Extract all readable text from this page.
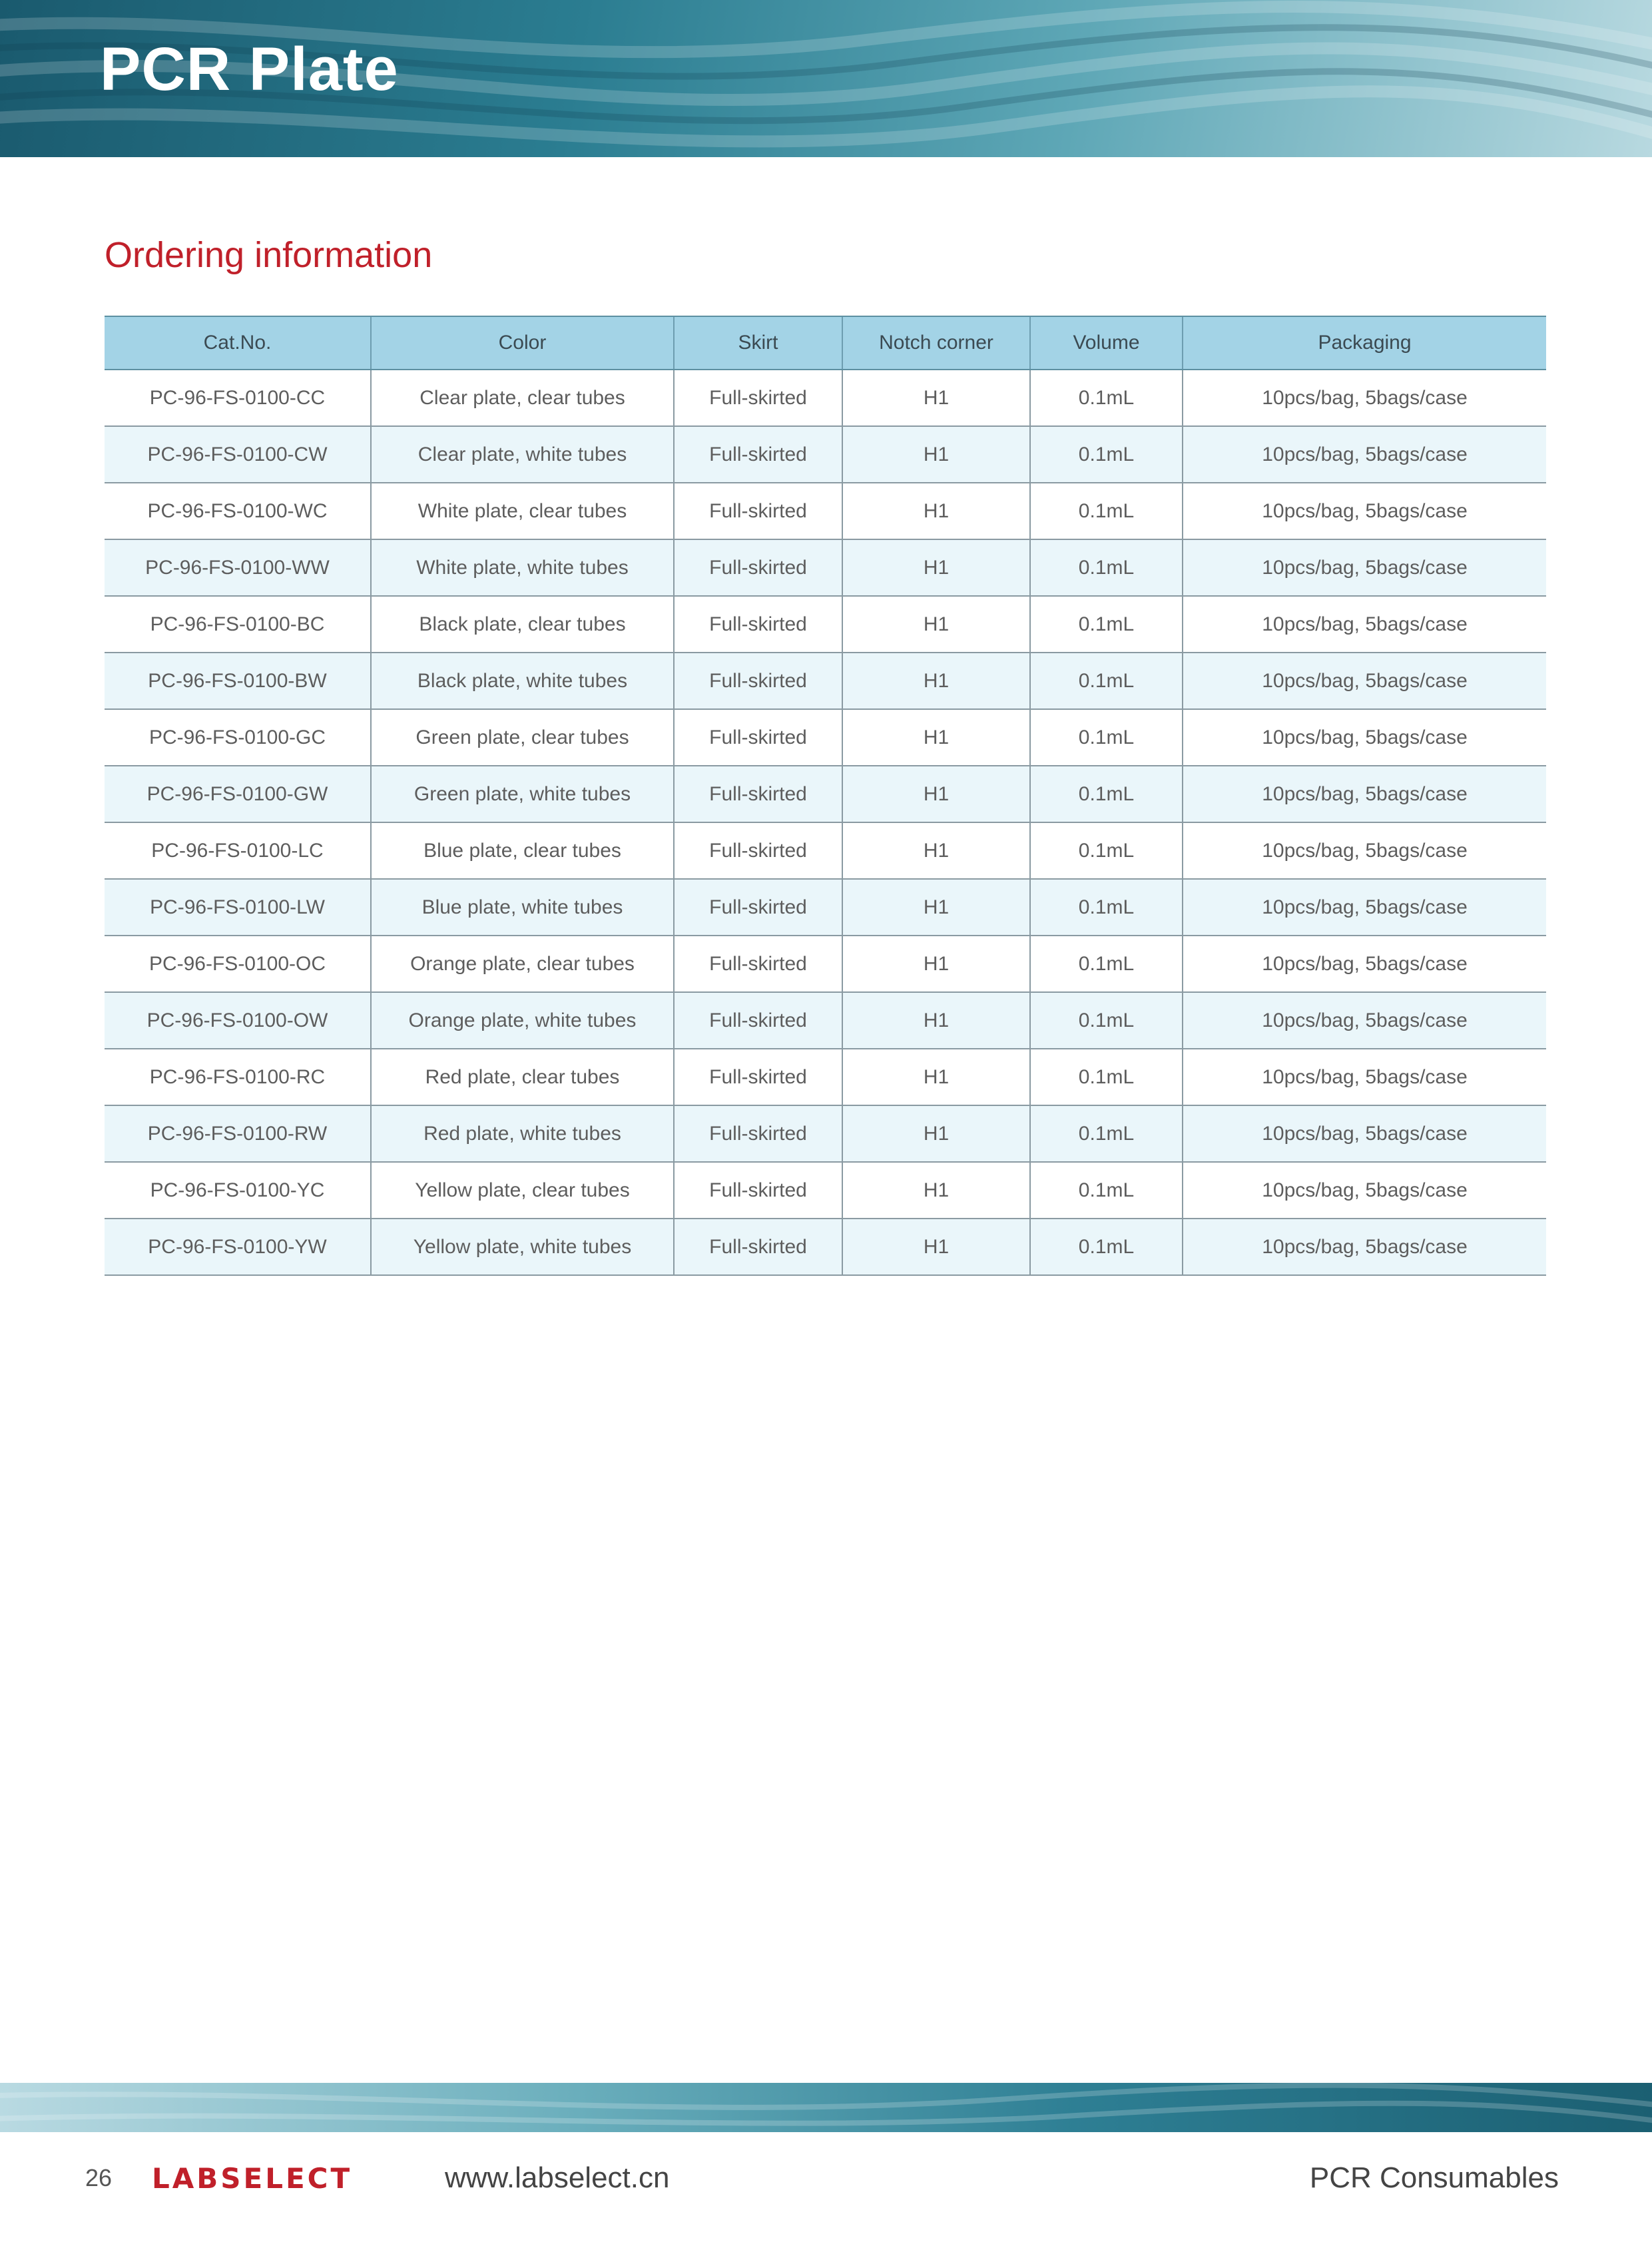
PCR Plate
Ordering information
Cat.No.	Color	Skirt	Notch corner	Volume	Packaging
PC-96-FS-0100-CC	Clear plate, clear tubes	Full-skirted	H1	0.1mL	10pcs/bag, 5bags/case
PC-96-FS-0100-CW	Clear plate, white tubes	Full-skirted	H1	0.1mL	10pcs/bag, 5bags/case
PC-96-FS-0100-WC	White plate, clear tubes	Full-skirted	H1	0.1mL	10pcs/bag, 5bags/case
PC-96-FS-0100-WW	White plate, white tubes	Full-skirted	H1	0.1mL	10pcs/bag, 5bags/case
PC-96-FS-0100-BC	Black plate, clear tubes	Full-skirted	H1	0.1mL	10pcs/bag, 5bags/case
PC-96-FS-0100-BW	Black plate, white tubes	Full-skirted	H1	0.1mL	10pcs/bag, 5bags/case
PC-96-FS-0100-GC	Green plate, clear tubes	Full-skirted	H1	0.1mL	10pcs/bag, 5bags/case
PC-96-FS-0100-GW	Green plate, white tubes	Full-skirted	H1	0.1mL	10pcs/bag, 5bags/case
PC-96-FS-0100-LC	Blue plate, clear tubes	Full-skirted	H1	0.1mL	10pcs/bag, 5bags/case
PC-96-FS-0100-LW	Blue plate, white tubes	Full-skirted	H1	0.1mL	10pcs/bag, 5bags/case
PC-96-FS-0100-OC	Orange plate, clear tubes	Full-skirted	H1	0.1mL	10pcs/bag, 5bags/case
PC-96-FS-0100-OW	Orange plate, white tubes	Full-skirted	H1	0.1mL	10pcs/bag, 5bags/case
PC-96-FS-0100-RC	Red plate, clear tubes	Full-skirted	H1	0.1mL	10pcs/bag, 5bags/case
PC-96-FS-0100-RW	Red plate, white tubes	Full-skirted	H1	0.1mL	10pcs/bag, 5bags/case
PC-96-FS-0100-YC	Yellow plate, clear tubes	Full-skirted	H1	0.1mL	10pcs/bag, 5bags/case
PC-96-FS-0100-YW	Yellow plate, white tubes	Full-skirted	H1	0.1mL	10pcs/bag, 5bags/case
26 LABSELECT	www.labselect.cn	PCR Consumables
